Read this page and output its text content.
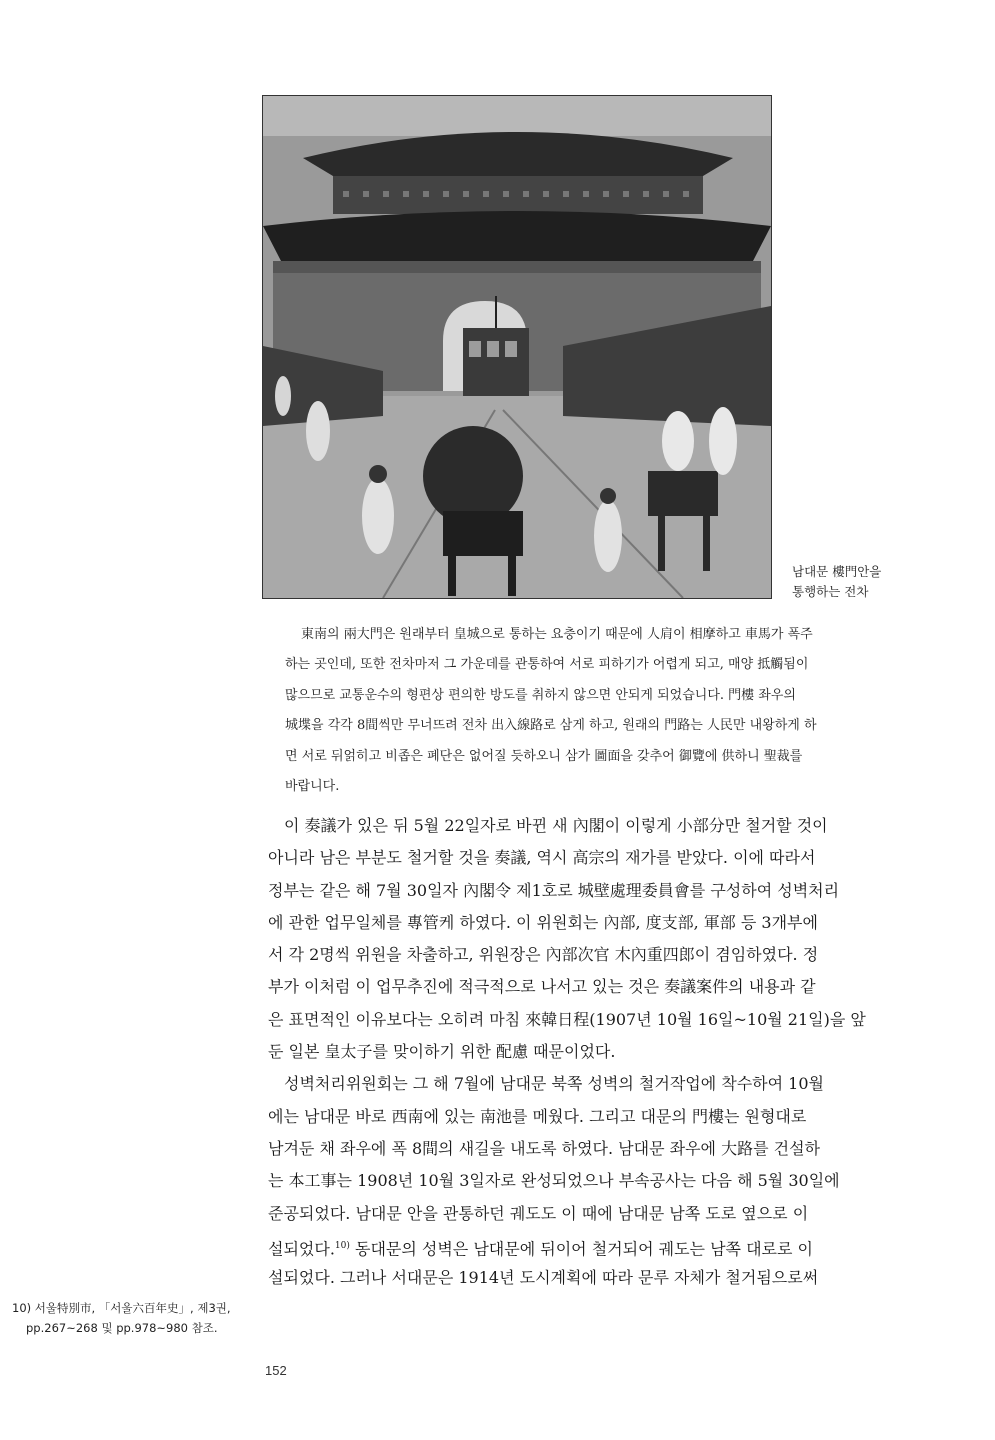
남대문 樓門안을
통행하는 전차
東南의 兩大門은 원래부터 皇城으로 통하는 요충이기 때문에 人肩이 相摩하고 車馬가 폭주
하는 곳인데, 또한 전차마저 그 가운데를 관통하여 서로 피하기가 어렵게 되고, 매양 抵觸됨이
많으므로 교통운수의 형편상 편의한 방도를 취하지 않으면 안되게 되었습니다. 門樓 좌우의
城堞을 각각 8間씩만 무너뜨려 전차 出入線路로 삼게 하고, 원래의 門路는 人民만 내왕하게 하
면 서로 뒤얽히고 비좁은 폐단은 없어질 듯하오니 삼가 圖面을 갖추어 御覽에 供하니 聖裁를
바랍니다.
이 奏議가 있은 뒤 5월 22일자로 바뀐 새 內閣이 이렇게 小部分만 철거할 것이
아니라 남은 부분도 철거할 것을 奏議, 역시 高宗의 재가를 받았다. 이에 따라서
정부는 같은 해 7월 30일자 內閣令 제1호로 城壁處理委員會를 구성하여 성벽처리
에 관한 업무일체를 專管케 하였다. 이 위원회는 內部, 度支部, 軍部 등 3개부에
서 각 2명씩 위원을 차출하고, 위원장은 內部次官 木內重四郎이 겸임하였다. 정
부가 이처럼 이 업무추진에 적극적으로 나서고 있는 것은 奏議案件의 내용과 같
은 표면적인 이유보다는 오히려 마침 來韓日程(1907년 10월 16일~10월 21일)을 앞
둔 일본 皇太子를 맞이하기 위한 配慮 때문이었다.
성벽처리위원회는 그 해 7월에 남대문 북쪽 성벽의 철거작업에 착수하여 10월
에는 남대문 바로 西南에 있는 南池를 메웠다. 그리고 대문의 門樓는 원형대로
남겨둔 채 좌우에 폭 8間의 새길을 내도록 하였다. 남대문 좌우에 大路를 건설하
는 本工事는 1908년 10월 3일자로 완성되었으나 부속공사는 다음 해 5월 30일에
준공되었다. 남대문 안을 관통하던 궤도도 이 때에 남대문 남쪽 도로 옆으로 이
설되었다.$^{10)}$ 동대문의 성벽은 남대문에 뒤이어 철거되어 궤도는 남쪽 대로로 이
설되었다. 그러나 서대문은 1914년 도시계획에 따라 문루 자체가 철거됨으로써
10) 서울特別市, 「서울六百年史」, 제3권,
pp.267~268 및 pp.978~980 참조.
152
